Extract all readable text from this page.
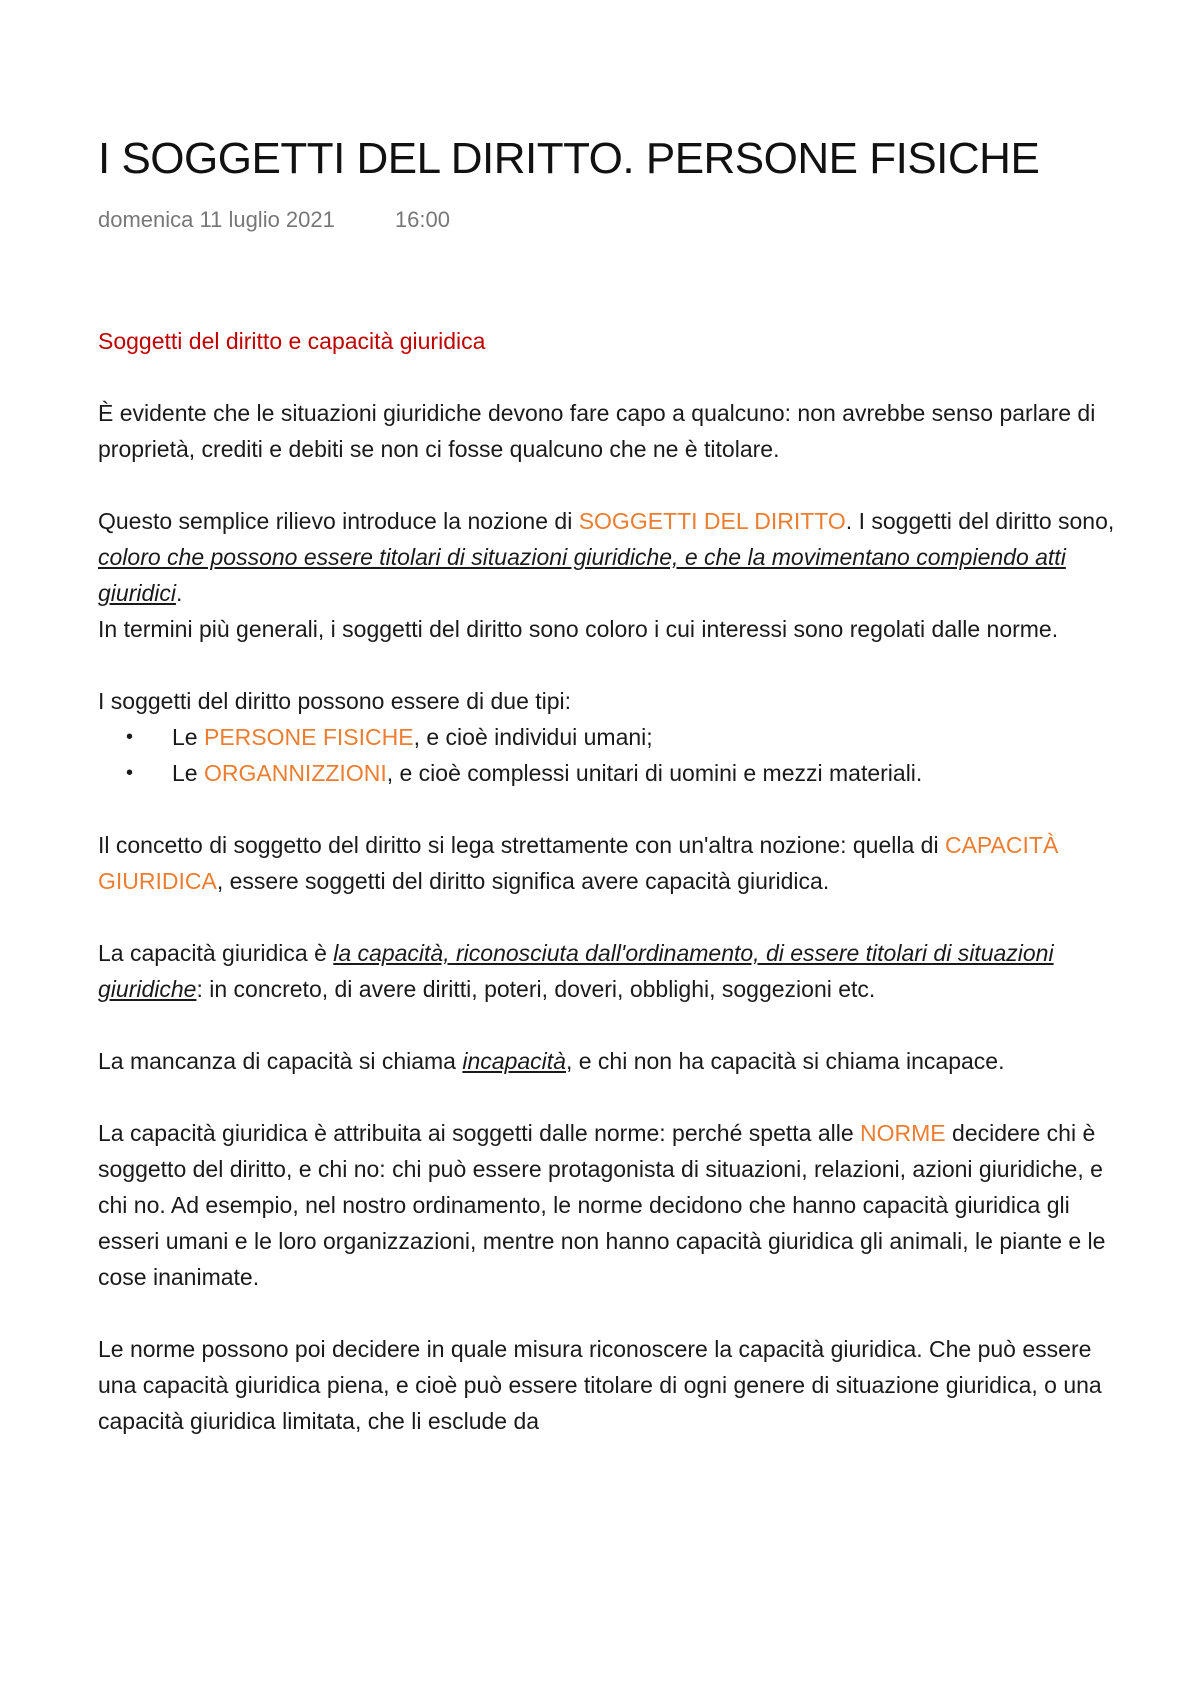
I SOGGETTI DEL DIRITTO. PERSONE FISICHE
domenica 11 luglio 2021	16:00

Soggetti del diritto e capacità giuridica

È evidente che le situazioni giuridiche devono fare capo a qualcuno: non avrebbe senso parlare di proprietà, crediti e debiti se non ci fosse qualcuno che ne è titolare.

Questo semplice rilievo introduce la nozione di SOGGETTI DEL DIRITTO. I soggetti del diritto sono, coloro che possono essere titolari di situazioni giuridiche, e che la movimentano compiendo atti giuridici.

In termini più generali, i soggetti del diritto sono coloro i cui interessi sono regolati dalle norme.

I soggetti del diritto possono essere di due tipi:

• Le PERSONE FISICHE, e cioè individui umani;
• Le ORGANNIZZIONI, e cioè complessi unitari di uomini e mezzi materiali.

Il concetto di soggetto del diritto si lega strettamente con un'altra nozione: quella di CAPACITÀ GIURIDICA, essere soggetti del diritto significa avere capacità giuridica.

La capacità giuridica è la capacità, riconosciuta dall'ordinamento, di essere titolari di situazioni giuridiche: in concreto, di avere diritti, poteri, doveri, obblighi, soggezioni etc.

La mancanza di capacità si chiama incapacità, e chi non ha capacità si chiama incapace.

La capacità giuridica è attribuita ai soggetti dalle norme: perché spetta alle NORME decidere chi è soggetto del diritto, e chi no: chi può essere protagonista di situazioni, relazioni, azioni giuridiche, e chi no. Ad esempio, nel nostro ordinamento, le norme decidono che hanno capacità giuridica gli esseri umani e le loro organizzazioni, mentre non hanno capacità giuridica gli animali, le piante e le cose inanimate.

Le norme possono poi decidere in quale misura riconoscere la capacità giuridica. Che può essere una capacità giuridica piena, e cioè può essere titolare di ogni genere di situazione giuridica, o una capacità giuridica limitata, che li esclude da
